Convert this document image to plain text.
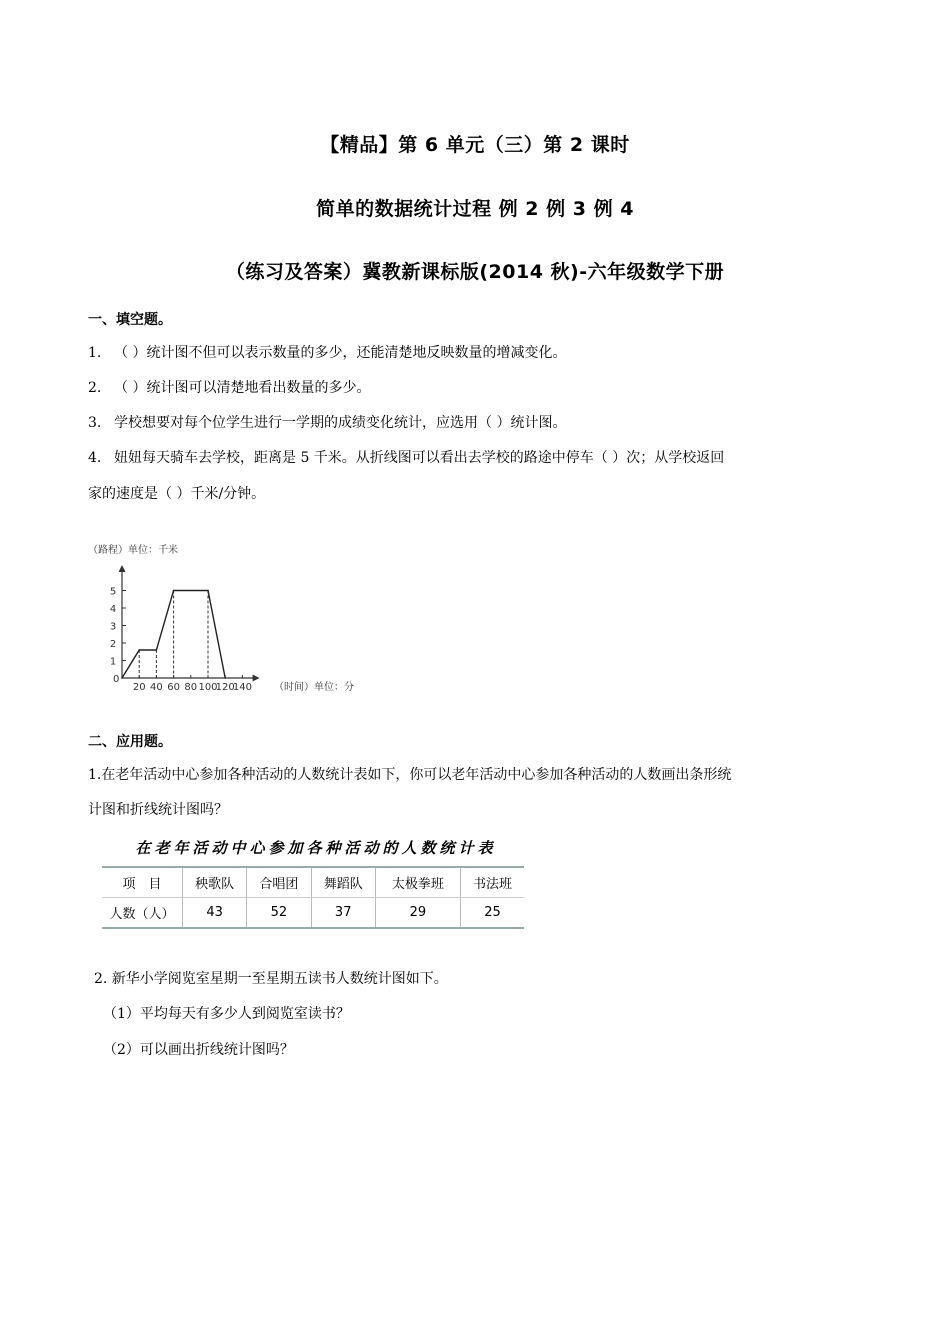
【精品】第 6 单元（三）第 2 课时
简单的数据统计过程 例 2 例 3 例 4
（练习及答案）冀教新课标版(2014 秋)-六年级数学下册
一、填空题。
1. （ ）统计图不但可以表示数量的多少，还能清楚地反映数量的增减变化。
2. （ ）统计图可以清楚地看出数量的多少。
3. 学校想要对每个位学生进行一学期的成绩变化统计，应选用（ ）统计图。
4. 妞妞每天骑车去学校，距离是 5 千米。从折线图可以看出去学校的路途中停车（ ）次；从学校返回
家的速度是（ ）千米/分钟。
（路程）单位：千米
（时间）单位：分
0
1
2
3
4
5
20 40 60 80 100
120
140
二、应用题。
1.在老年活动中心参加各种活动的人数统计表如下，你可以老年活动中心参加各种活动的人数画出条形统
计图和折线统计图吗？
在老年活动中心参加各种活动的人数统计表
项　目	秧歌队	合唱团	舞蹈队	太极拳班	书法班
人数（人）	43	52	37	29	25
2. 新华小学阅览室星期一至星期五读书人数统计图如下。
（1）平均每天有多少人到阅览室读书？
（2）可以画出折线统计图吗？
